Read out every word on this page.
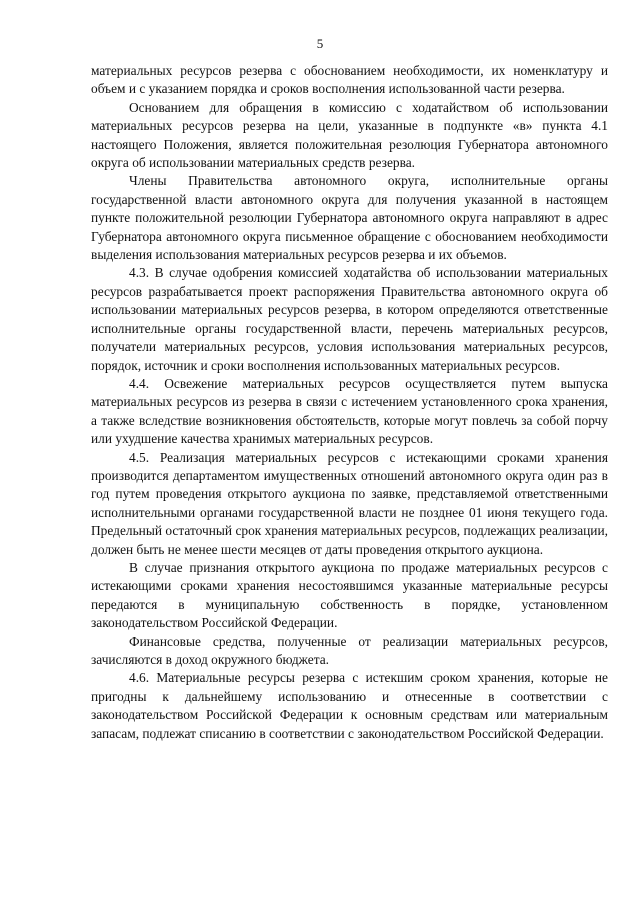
5

материальных ресурсов резерва с обоснованием необходимости, их номенклатуру и объем и с указанием порядка и сроков восполнения использованной части резерва.

Основанием для обращения в комиссию с ходатайством об использовании материальных ресурсов резерва на цели, указанные в подпункте «в» пункта 4.1 настоящего Положения, является положительная резолюция Губернатора автономного округа об использовании материальных средств резерва.

Члены Правительства автономного округа, исполнительные органы государственной власти автономного округа для получения указанной в настоящем пункте положительной резолюции Губернатора автономного округа направляют в адрес Губернатора автономного округа письменное обращение с обоснованием необходимости выделения использования материальных ресурсов резерва и их объемов.

4.3. В случае одобрения комиссией ходатайства об использовании материальных ресурсов разрабатывается проект распоряжения Правительства автономного округа об использовании материальных ресурсов резерва, в котором определяются ответственные исполнительные органы государственной власти, перечень материальных ресурсов, получатели материальных ресурсов, условия использования материальных ресурсов, порядок, источник и сроки восполнения использованных материальных ресурсов.

4.4. Освежение материальных ресурсов осуществляется путем выпуска материальных ресурсов из резерва в связи с истечением установленного срока хранения, а также вследствие возникновения обстоятельств, которые могут повлечь за собой порчу или ухудшение качества хранимых материальных ресурсов.

4.5. Реализация материальных ресурсов с истекающими сроками хранения производится департаментом имущественных отношений автономного округа один раз в год путем проведения открытого аукциона по заявке, представляемой ответственными исполнительными органами государственной власти не позднее 01 июня текущего года. Предельный остаточный срок хранения материальных ресурсов, подлежащих реализации, должен быть не менее шести месяцев от даты проведения открытого аукциона.

В случае признания открытого аукциона по продаже материальных ресурсов с истекающими сроками хранения несостоявшимся указанные материальные ресурсы передаются в муниципальную собственность в порядке, установленном законодательством Российской Федерации.

Финансовые средства, полученные от реализации материальных ресурсов, зачисляются в доход окружного бюджета.

4.6. Материальные ресурсы резерва с истекшим сроком хранения, которые не пригодны к дальнейшему использованию и отнесенные в соответствии с законодательством Российской Федерации к основным средствам или материальным запасам, подлежат списанию в соответствии с законодательством Российской Федерации.
